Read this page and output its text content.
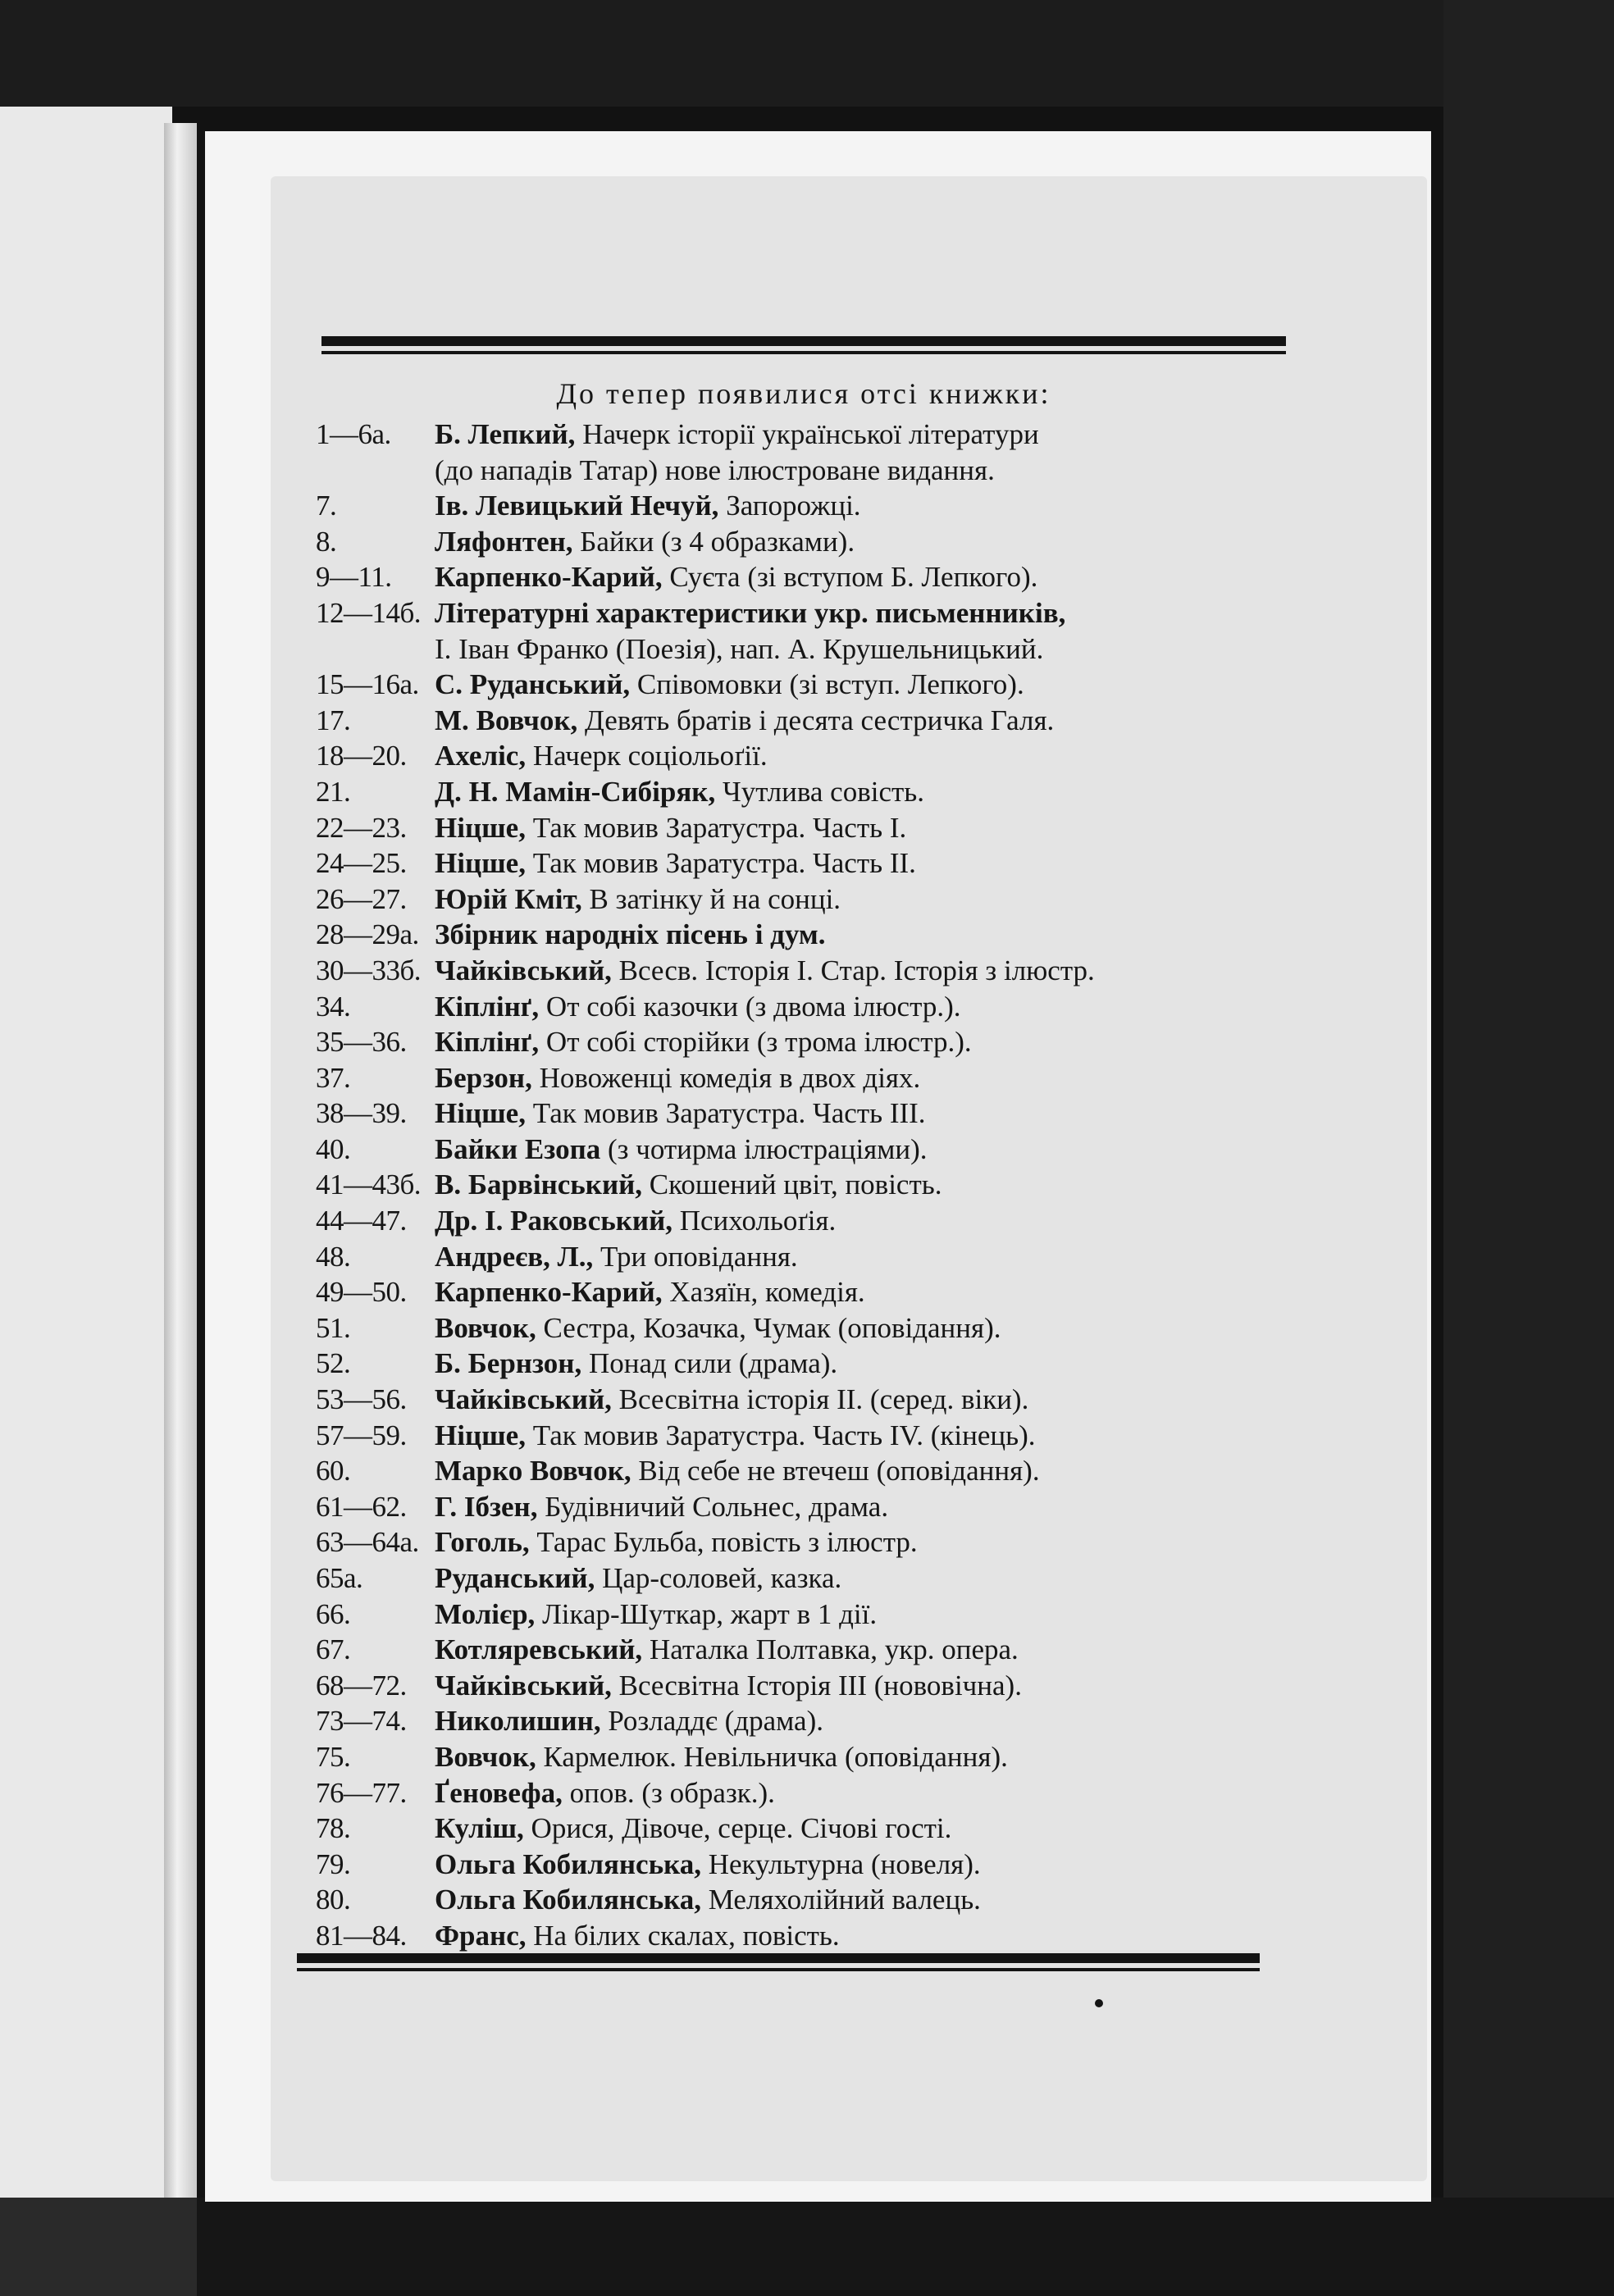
До тепер появилися отсі книжки:
1—6а.	Б. Лепкий, Начерк історії української літератури
(до нападів Татар) нове ілюстроване видання.
7.	Ів. Левицький Нечуй, Запорожці.
8.	Ляфонтен, Байки (з 4 образками).
9—11.	Карпенко-Карий, Суєта (зі вступом Б. Лепкого).
12—14б. Літературні характеристики укр. письменників,
I. Іван Франко (Поезія), нап. А. Крушельницький.
15—16а. С. Руданський, Співомовки (зі вступ. Лепкого).
17.	М. Вовчок, Девять братів і десята сестричка Галя.
18—20. Ахеліс, Начерк соціольоґії.
21.	Д. Н. Мамін-Сибіряк, Чутлива совість.
22—23. Ніцше, Так мовив Заратустра. Часть I.
24—25. Ніцше, Так мовив Заратустра. Часть II.
26—27. Юрій Кміт, В затінку й на сонці.
28—29а. Збірник народніх пісень і дум.
30—33б. Чайківський, Всесв. Історія I. Стар. Історія з ілюстр.
34.	Кіплінґ, От собі казочки (з двома ілюстр.).
35—36. Кіплінґ, От собі сторійки (з трома ілюстр.).
37.	Берзон, Новоженці комедія в двох діях.
38—39. Ніцше, Так мовив Заратустра. Часть III.
40.	Байки Езопа (з чотирма ілюстраціями).
41—43б. В. Барвінський, Скошений цвіт, повість.
44—47. Др. І. Раковський, Психольоґія.
48.	Андреєв, Л., Три оповідання.
49—50. Карпенко-Карий, Хазяїн, комедія.
51.	Вовчок, Сестра, Козачка, Чумак (оповідання).
52.	Б. Бернзон, Понад сили (драма).
53—56. Чайківський, Всесвітна історія II. (серед. віки).
57—59. Ніцше, Так мовив Заратустра. Часть IV. (кінець).
60.	Марко Вовчок, Від себе не втечеш (оповідання).
61—62. Г. Ібзен, Будівничий Сольнес, драма.
63—64а. Гоголь, Тарас Бульба, повість з ілюстр.
65а.	Руданський, Цар-соловей, казка.
66.	Молієр, Лікар-Шуткар, жарт в 1 дії.
67.	Котляревський, Наталка Полтавка, укр. опера.
68—72. Чайківський, Всесвітна Історія III (нововічна).
73—74. Николишин, Розладдє (драма).
75.	Вовчок, Кармелюк. Невільничка (оповідання).
76—77. Ґеновефа, опов. (з образк.).
78.	Куліш, Орися, Дівоче, серце. Січові гості.
79.	Ольга Кобилянська, Некультурна (новеля).
80.	Ольга Кобилянська, Меляхолійний валець.
81—84. Франс, На білих скалах, повість.
